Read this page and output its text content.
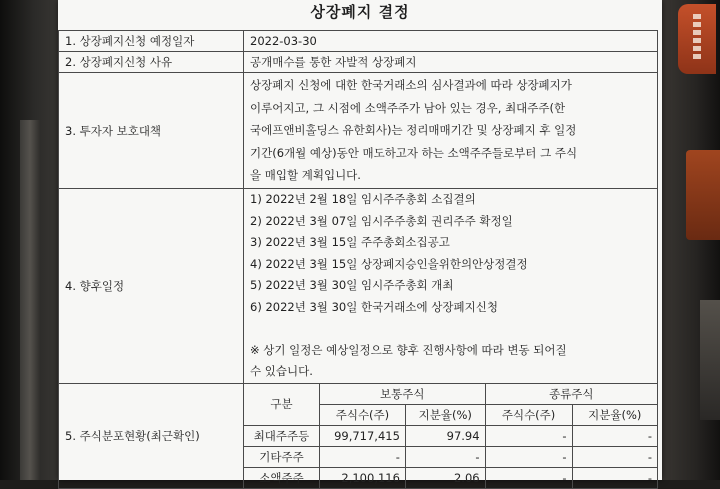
상장폐지 결정
1. 상장폐지신청 예정일자	2022-03-30
2. 상장폐지신청 사유	공개매수를 통한 자발적 상장폐지
3. 투자자 보호대책	
상장폐지 신청에 대한 한국거래소의 심사결과에 따라 상장폐지가
이루어지고, 그 시점에 소액주주가 남아 있는 경우, 최대주주(한
국에프앤비홀딩스 유한회사)는 정리매매기간 및 상장폐지 후 일정
기간(6개월 예상)동안 매도하고자 하는 소액주주들로부터 그 주식
을 매입할 계획입니다.

4. 향후일정	
1) 2022년 2월 18일 임시주주총회 소집결의
2) 2022년 3월 07일 임시주주총회 권리주주 확정일
3) 2022년 3월 15일 주주총회소집공고
4) 2022년 3월 15일 상장폐지승인을위한의안상정결정
5) 2022년 3월 30일 임시주주총회 개최
6) 2022년 3월 30일 한국거래소에 상장폐지신청
※ 상기 일정은 예상일정으로 향후 진행사항에 따라 변동 되어질
수 있습니다.

5. 주식분포현황(최근확인)	
구분	보통주식	종류주식
주식수(주)	지분율(%)	주식수(주)	지분율(%)
최대주주등	99,717,415	97.94	-	-
기타주주	-	-	-	-
소액주주	2,100,116	2.06	-	-
